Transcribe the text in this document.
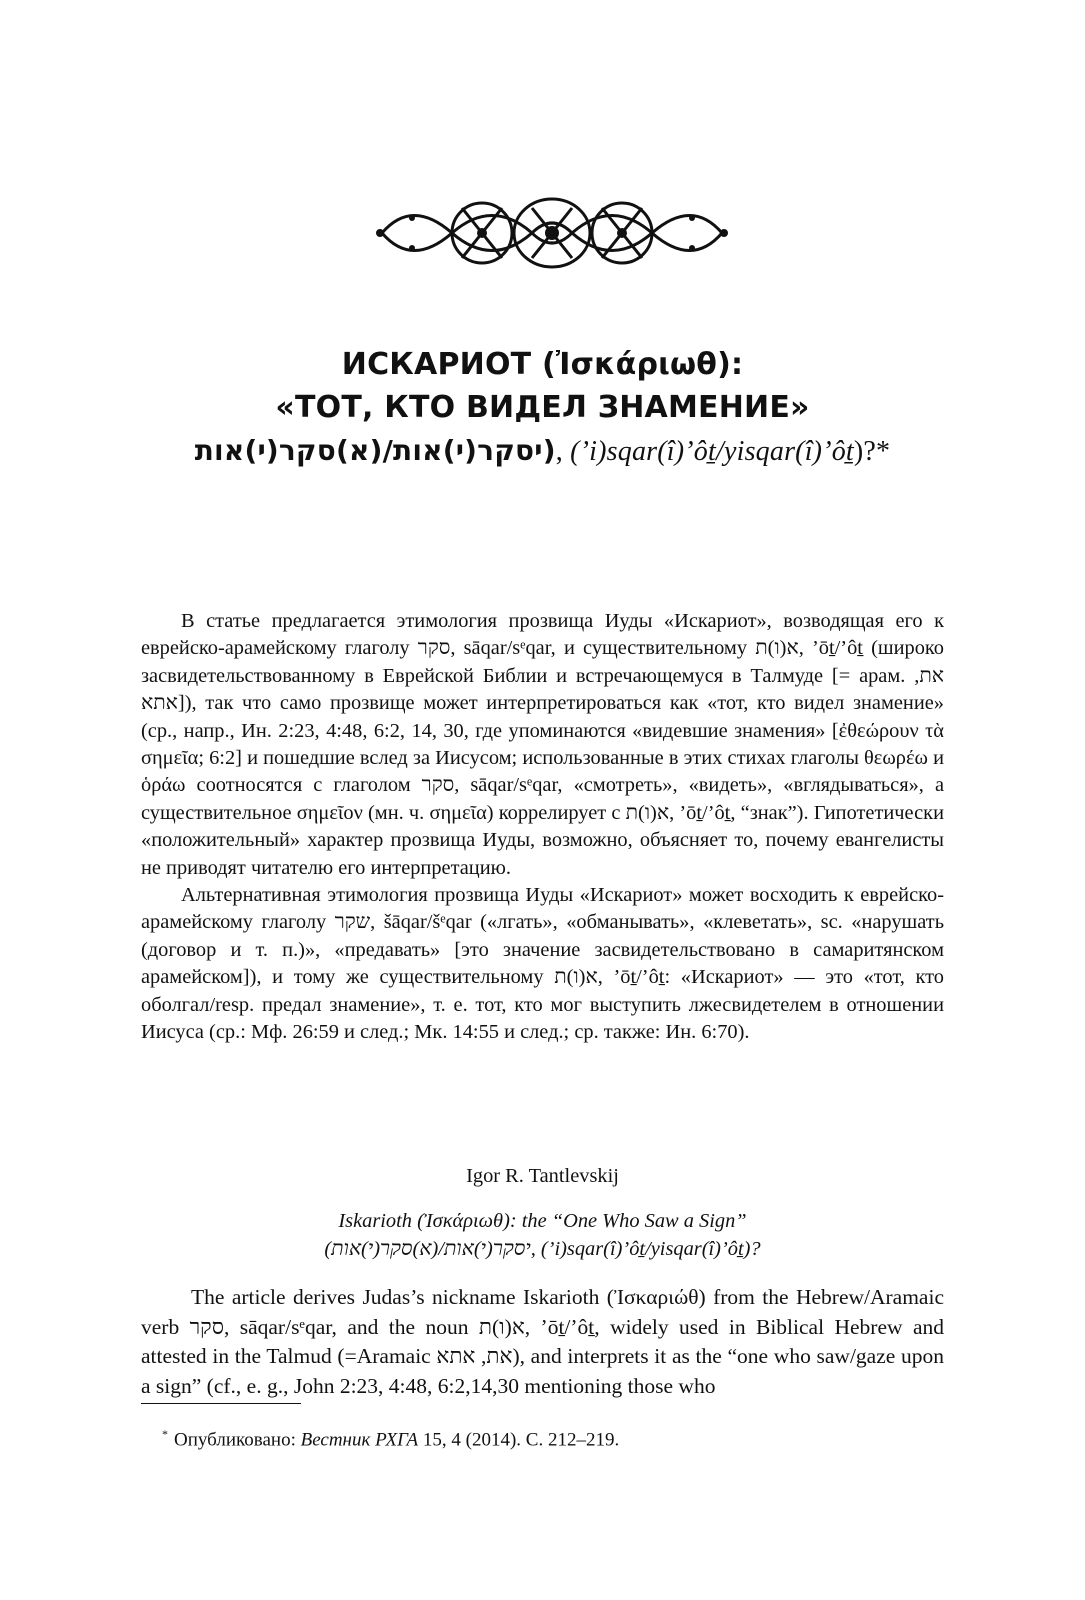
ИСКАРИОТ (Ἰσκάριωθ):
«ТОТ, КТО ВИДЕЛ ЗНАМЕНИЕ»
(יסקר(י)אות/(א)סקר(י)אות, (’i)sqar(î)’ôṯ/yisqar(î)’ôṯ)?*

В статье предлагается этимология прозвища Иуды «Искариот», возводящая его к еврейско-арамейскому глаголу סקר, sāqar/sᵉqar, и существительному א(ו)ת, ’ōṯ/’ôṯ (широко засвидетельствованному в Еврейской Библии и встречающемуся в Талмуде [= арам. את, אתא]), так что само прозвище может интерпретироваться как «тот, кто видел знамение» (ср., напр., Ин. 2:23, 4:48, 6:2, 14, 30, где упоминаются «видевшие знамения» [ἐθεώρουν τὰ σημεῖα; 6:2] и пошедшие вслед за Иисусом; использованные в этих стихах глаголы θεωρέω и ὁράω соотносятся с глаголом סקר, sāqar/sᵉqar, «смотреть», «видеть», «вглядываться», а существительное σημεῖον (мн. ч. σημεῖα) коррелирует с א(ו)ת, ’ōṯ/’ôṯ, “знак”). Гипотетически «положительный» характер прозвища Иуды, возможно, объясняет то, почему евангелисты не приводят читателю его интерпретацию.

Альтернативная этимология прозвища Иуды «Искариот» может восходить к еврейско-арамейскому глаголу שקר, šāqar/šᵉqar («лгать», «обманывать», «клеветать», sc. «нарушать (договор и т. п.)», «предавать» [это значение засвидетельствовано в самаритянском арамейском]), и тому же существительному א(ו)ת, ’ōṯ/’ôṯ: «Искариот» — это «тот, кто оболгал/resp. предал знамение», т. е. тот, кто мог выступить лжесвидетелем в отношении Иисуса (ср.: Мф. 26:59 и след.; Мк. 14:55 и след.; ср. также: Ин. 6:70).

Igor R. Tantlevskij
Iskarioth (Ἰσκάριωθ): the “One Who Saw a Sign”
(יסקר(י)אות/(א)סקר(י)אות, (’i)sqar(î)’ôṯ/yisqar(î)’ôṯ)?

The article derives Judas’s nickname Iskarioth (Ἰσκαριώθ) from the Hebrew/Aramaic verb סקר, sāqar/sᵉqar, and the noun א(ו)ת, ’ōṯ/’ôṯ, widely used in Biblical Hebrew and attested in the Talmud (=Aramaic את, אתא), and interprets it as the “one who saw/gaze upon a sign” (cf., e. g., John 2:23, 4:48, 6:2,14,30 mentioning those who

* Опубликовано: Вестник РХГА 15, 4 (2014). С. 212–219.
